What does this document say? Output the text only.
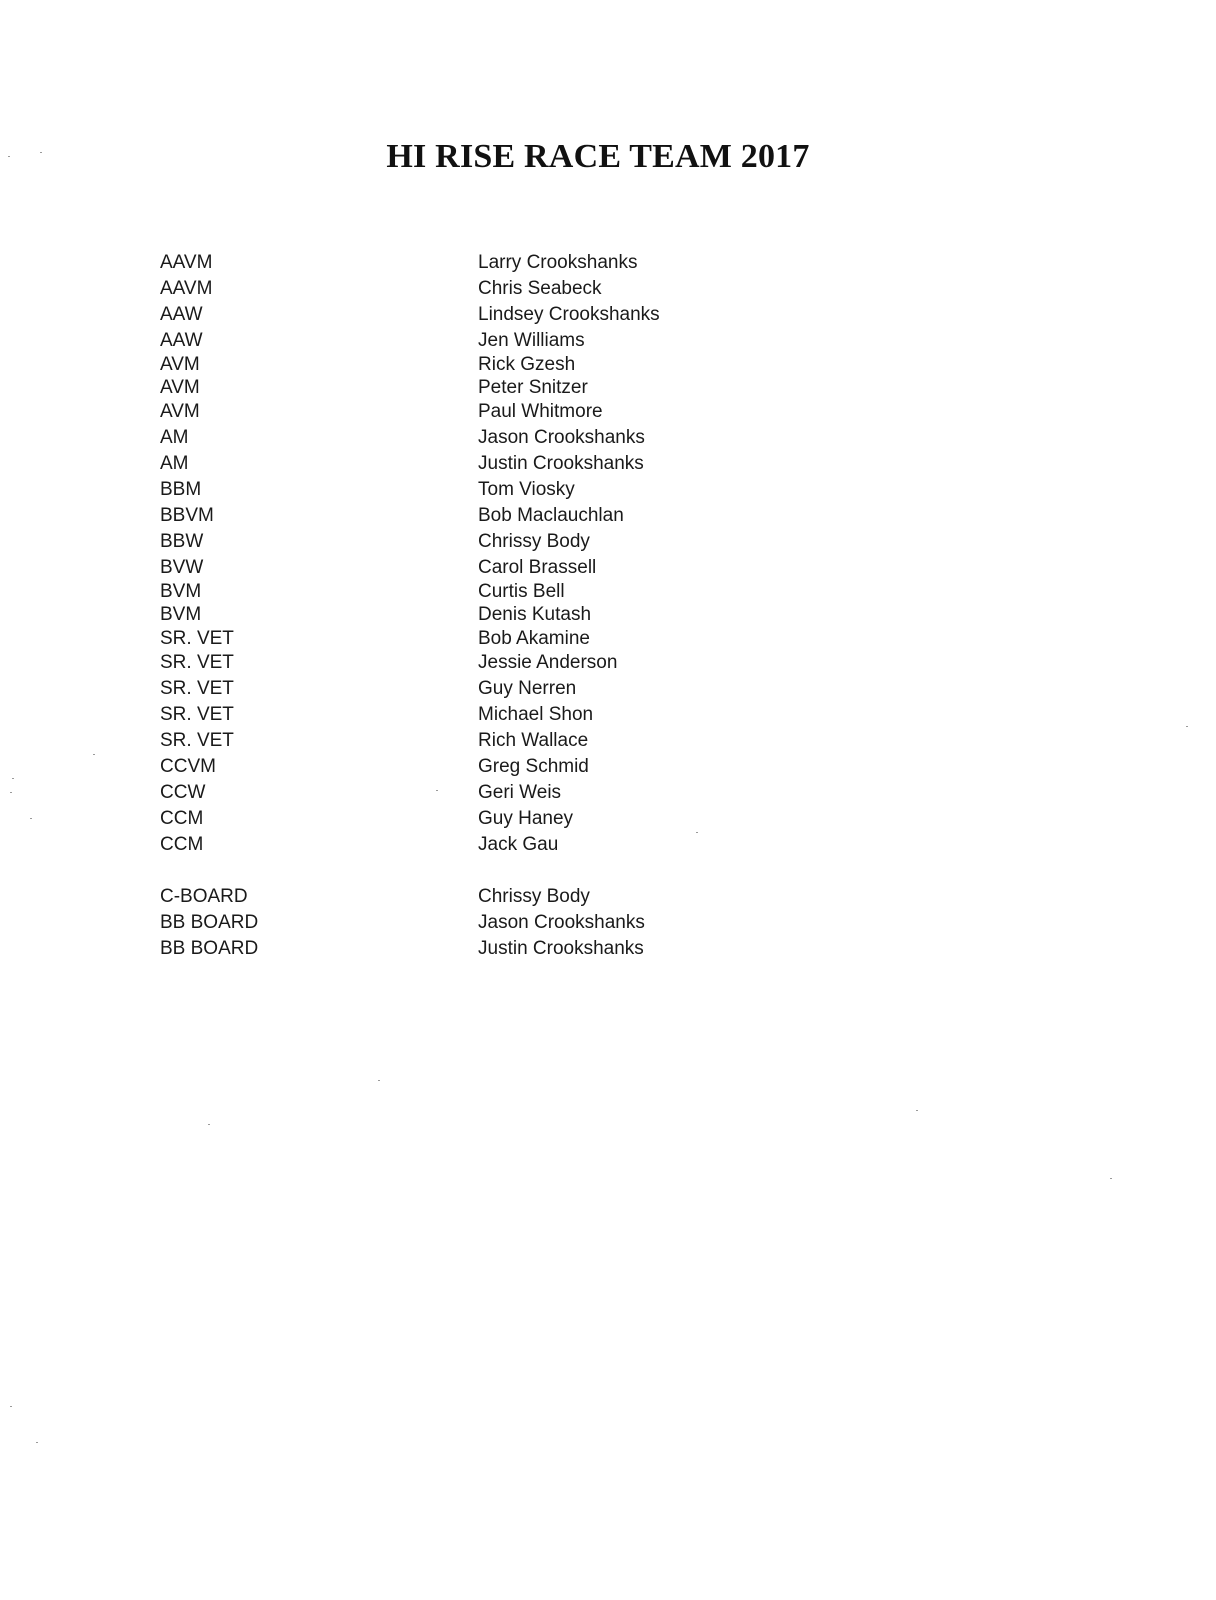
HI RISE RACE TEAM 2017
AAVM	Larry Crookshanks
AAVM	Chris Seabeck
AAW	Lindsey Crookshanks
AAW	Jen Williams
AVM	Rick Gzesh
AVM	Peter Snitzer
AVM	Paul Whitmore
AM	Jason Crookshanks
AM	Justin Crookshanks
BBM	Tom Viosky
BBVM	Bob Maclauchlan
BBW	Chrissy Body
BVW	Carol Brassell
BVM	Curtis Bell
BVM	Denis Kutash
SR. VET	Bob Akamine
SR. VET	Jessie Anderson
SR. VET	Guy Nerren
SR. VET	Michael Shon
SR. VET	Rich Wallace
CCVM	Greg Schmid
CCW	Geri Weis
CCM	Guy Haney
CCM	Jack Gau
C-BOARD	Chrissy Body
BB BOARD	Jason Crookshanks
BB BOARD	Justin Crookshanks
